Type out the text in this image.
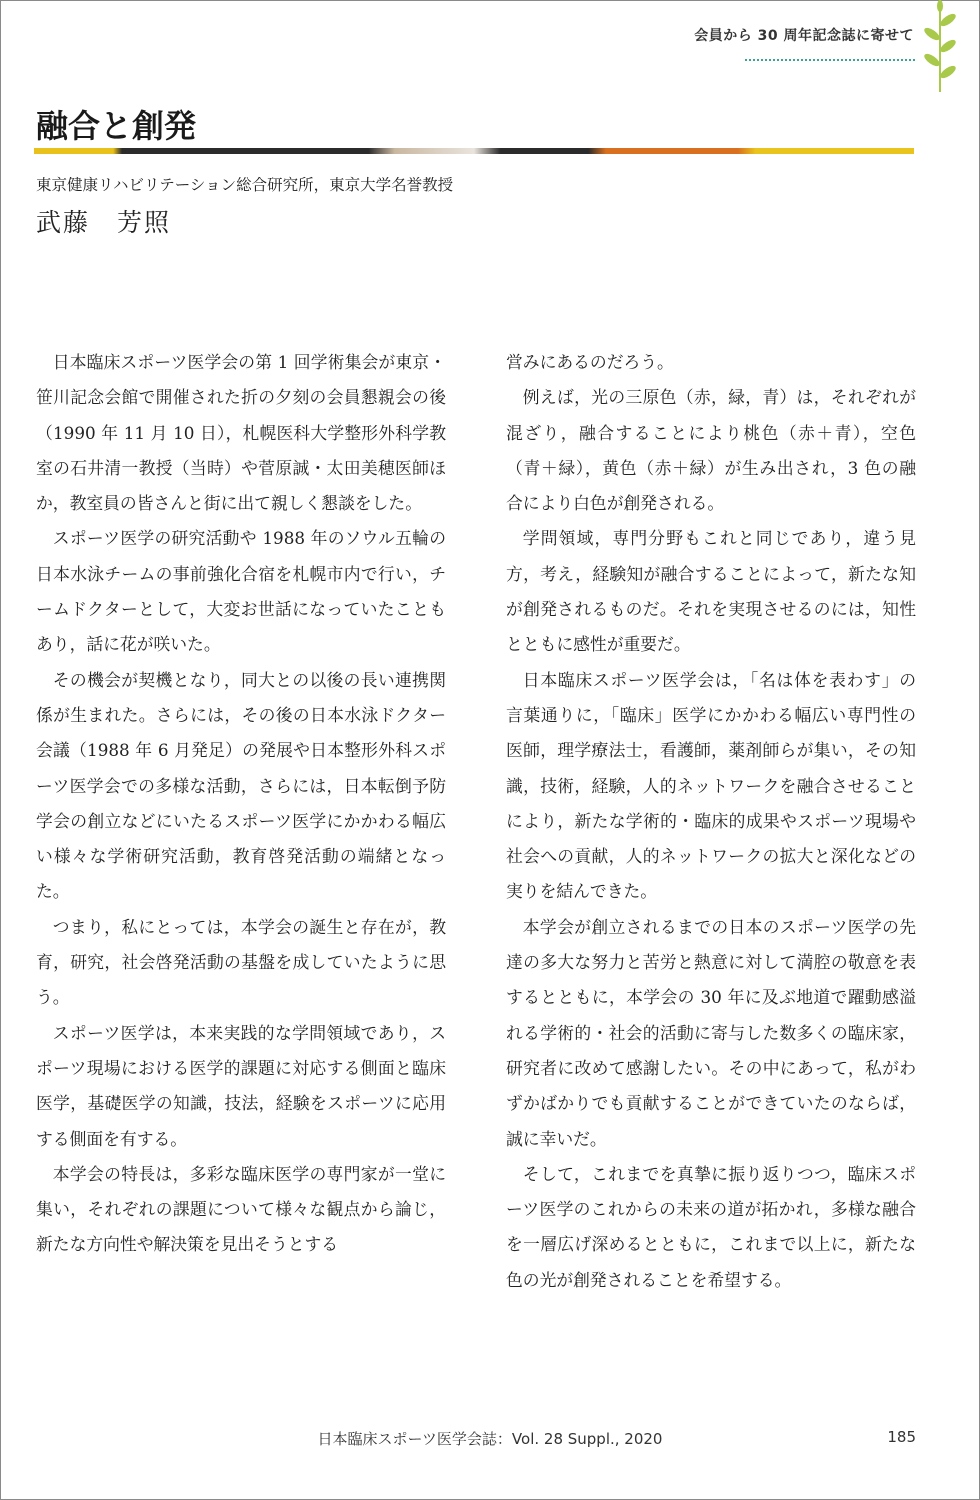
会員から 30 周年記念誌に寄せて
融合と創発
東京健康リハビリテーション総合研究所，東京大学名誉教授
武藤　芳照

日本臨床スポーツ医学会の第 1 回学術集会が東京・笹川記念会館で開催された折の夕刻の会員懇親会の後（1990 年 11 月 10 日），札幌医科大学整形外科学教室の石井清一教授（当時）や菅原誠・太田美穂医師ほか，教室員の皆さんと街に出て親しく懇談をした。

スポーツ医学の研究活動や 1988 年のソウル五輪の日本水泳チームの事前強化合宿を札幌市内で行い，チームドクターとして，大変お世話になっていたこともあり，話に花が咲いた。

その機会が契機となり，同大との以後の長い連携関係が生まれた。さらには，その後の日本水泳ドクター会議（1988 年 6 月発足）の発展や日本整形外科スポーツ医学会での多様な活動，さらには，日本転倒予防学会の創立などにいたるスポーツ医学にかかわる幅広い様々な学術研究活動，教育啓発活動の端緒となった。

つまり，私にとっては，本学会の誕生と存在が，教育，研究，社会啓発活動の基盤を成していたように思う。

スポーツ医学は，本来実践的な学問領域であり，スポーツ現場における医学的課題に対応する側面と臨床医学，基礎医学の知識，技法，経験をスポーツに応用する側面を有する。

本学会の特長は，多彩な臨床医学の専門家が一堂に集い，それぞれの課題について様々な観点から論じ，新たな方向性や解決策を見出そうとする

営みにあるのだろう。

例えば，光の三原色（赤，緑，青）は，それぞれが混ざり，融合することにより桃色（赤＋青），空色（青＋緑），黄色（赤＋緑）が生み出され，3 色の融合により白色が創発される。

学問領域，専門分野もこれと同じであり，違う見方，考え，経験知が融合することによって，新たな知が創発されるものだ。それを実現させるのには，知性とともに感性が重要だ。

日本臨床スポーツ医学会は，「名は体を表わす」の言葉通りに，「臨床」医学にかかわる幅広い専門性の医師，理学療法士，看護師，薬剤師らが集い，その知識，技術，経験，人的ネットワークを融合させることにより，新たな学術的・臨床的成果やスポーツ現場や社会への貢献，人的ネットワークの拡大と深化などの実りを結んできた。

本学会が創立されるまでの日本のスポーツ医学の先達の多大な努力と苦労と熱意に対して満腔の敬意を表するとともに，本学会の 30 年に及ぶ地道で躍動感溢れる学術的・社会的活動に寄与した数多くの臨床家，研究者に改めて感謝したい。その中にあって，私がわずかばかりでも貢献することができていたのならば，誠に幸いだ。

そして，これまでを真摯に振り返りつつ，臨床スポーツ医学のこれからの未来の道が拓かれ，多様な融合を一層広げ深めるとともに，これまで以上に，新たな色の光が創発されることを希望する。

日本臨床スポーツ医学会誌：Vol. 28 Suppl., 2020	185
